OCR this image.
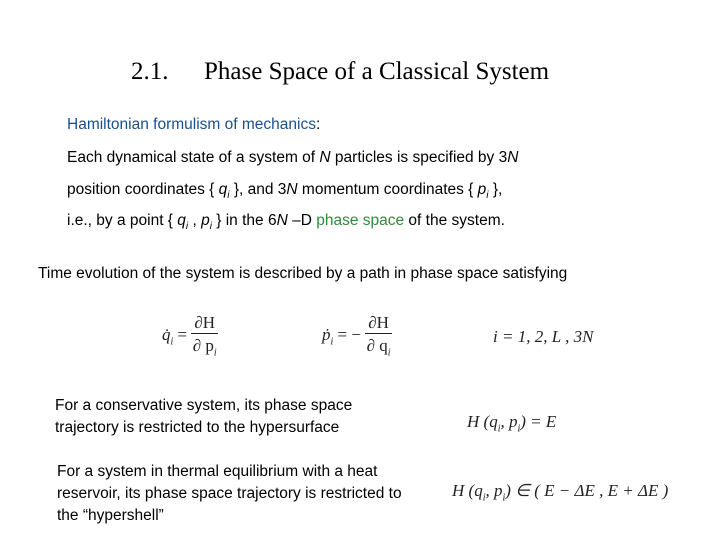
2.1. Phase Space of a Classical System
Hamiltonian formulism of mechanics:
Each dynamical state of a system of N particles is specified by 3N
position coordinates { $q_i$ }, and 3N momentum coordinates { $p_i$ },
i.e., by a point { $q_i$ , $p_i$ } in the 6N –D phase space of the system.
Time evolution of the system is described by a path in phase space satisfying
$q̇_i = \frac{\partial H}{\partial p_i}$	$ṗ_i$ = − $\frac{\partial H}{\partial q_i}$	i = 1, 2, L , 3N
For a conservative system, its phase space trajectory is restricted to the hypersurface	H ($q_i$, $p_i) = E$
For a system in thermal equilibrium with a heat reservoir, its phase space trajectory is restricted to the “hypershell”
H ($q_i$, $p_i$) ∈ ( E − ΔE , E + ΔE )
